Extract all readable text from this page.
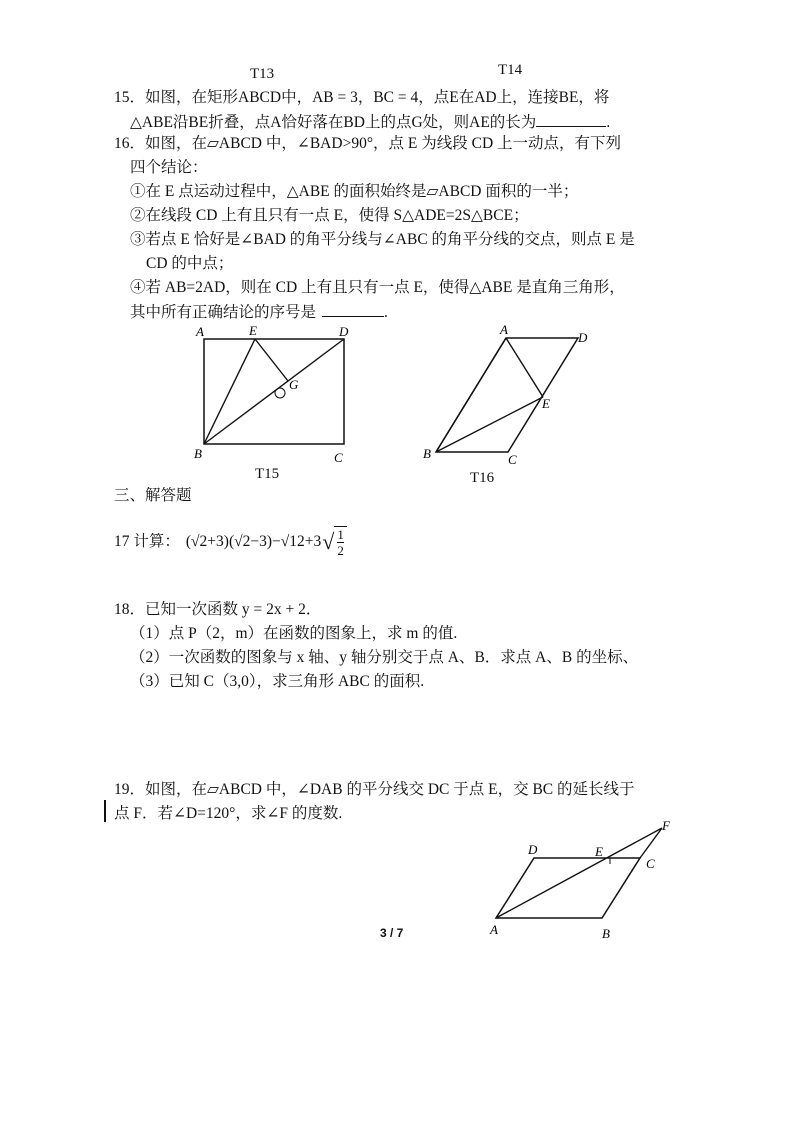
T13	T14
15．如图，在矩形ABCD中，AB = 3，BC = 4，点E在AD上，连接BE，将
△ABE沿BE折叠，点A恰好落在BD上的点G处，则AE的长为	.
16．如图，在▱ABCD 中，∠BAD>90°，点 E 为线段 CD 上一动点，有下列
四个结论：
①在 E 点运动过程中，△ABE 的面积始终是▱ABCD 面积的一半；
②在线段 CD 上有且只有一点 E，使得 S△ADE=2S△BCE；
③若点 E 恰好是∠BAD 的角平分线与∠ABC 的角平分线的交点，则点 E 是
CD 的中点；
④若 AB=2AD，则在 CD 上有且只有一点 E，使得△ABE 是直角三角形，
其中所有正确结论的序号是	.
A	E	D
G
B	C
T15
A
D
E
B	C
T16
三、解答题
17 计算： (√2+3)(√2−3)−√12+3 √ $\frac{1}{2}$
18．已知一次函数 y = 2x + 2．
（1）点 P（2，m）在函数的图象上，求 m 的值.
（2）一次函数的图象与 x 轴、y 轴分别交于点 A、B．求点 A、B 的坐标、
（3）已知 C（3,0），求三角形 ABC 的面积.
19．如图，在▱ABCD 中，∠DAB 的平分线交 DC 于点 E，交 BC 的延长线于
点 F．若∠D=120°，求∠F 的度数.
F
D	E
C
A	B
3 / 7
